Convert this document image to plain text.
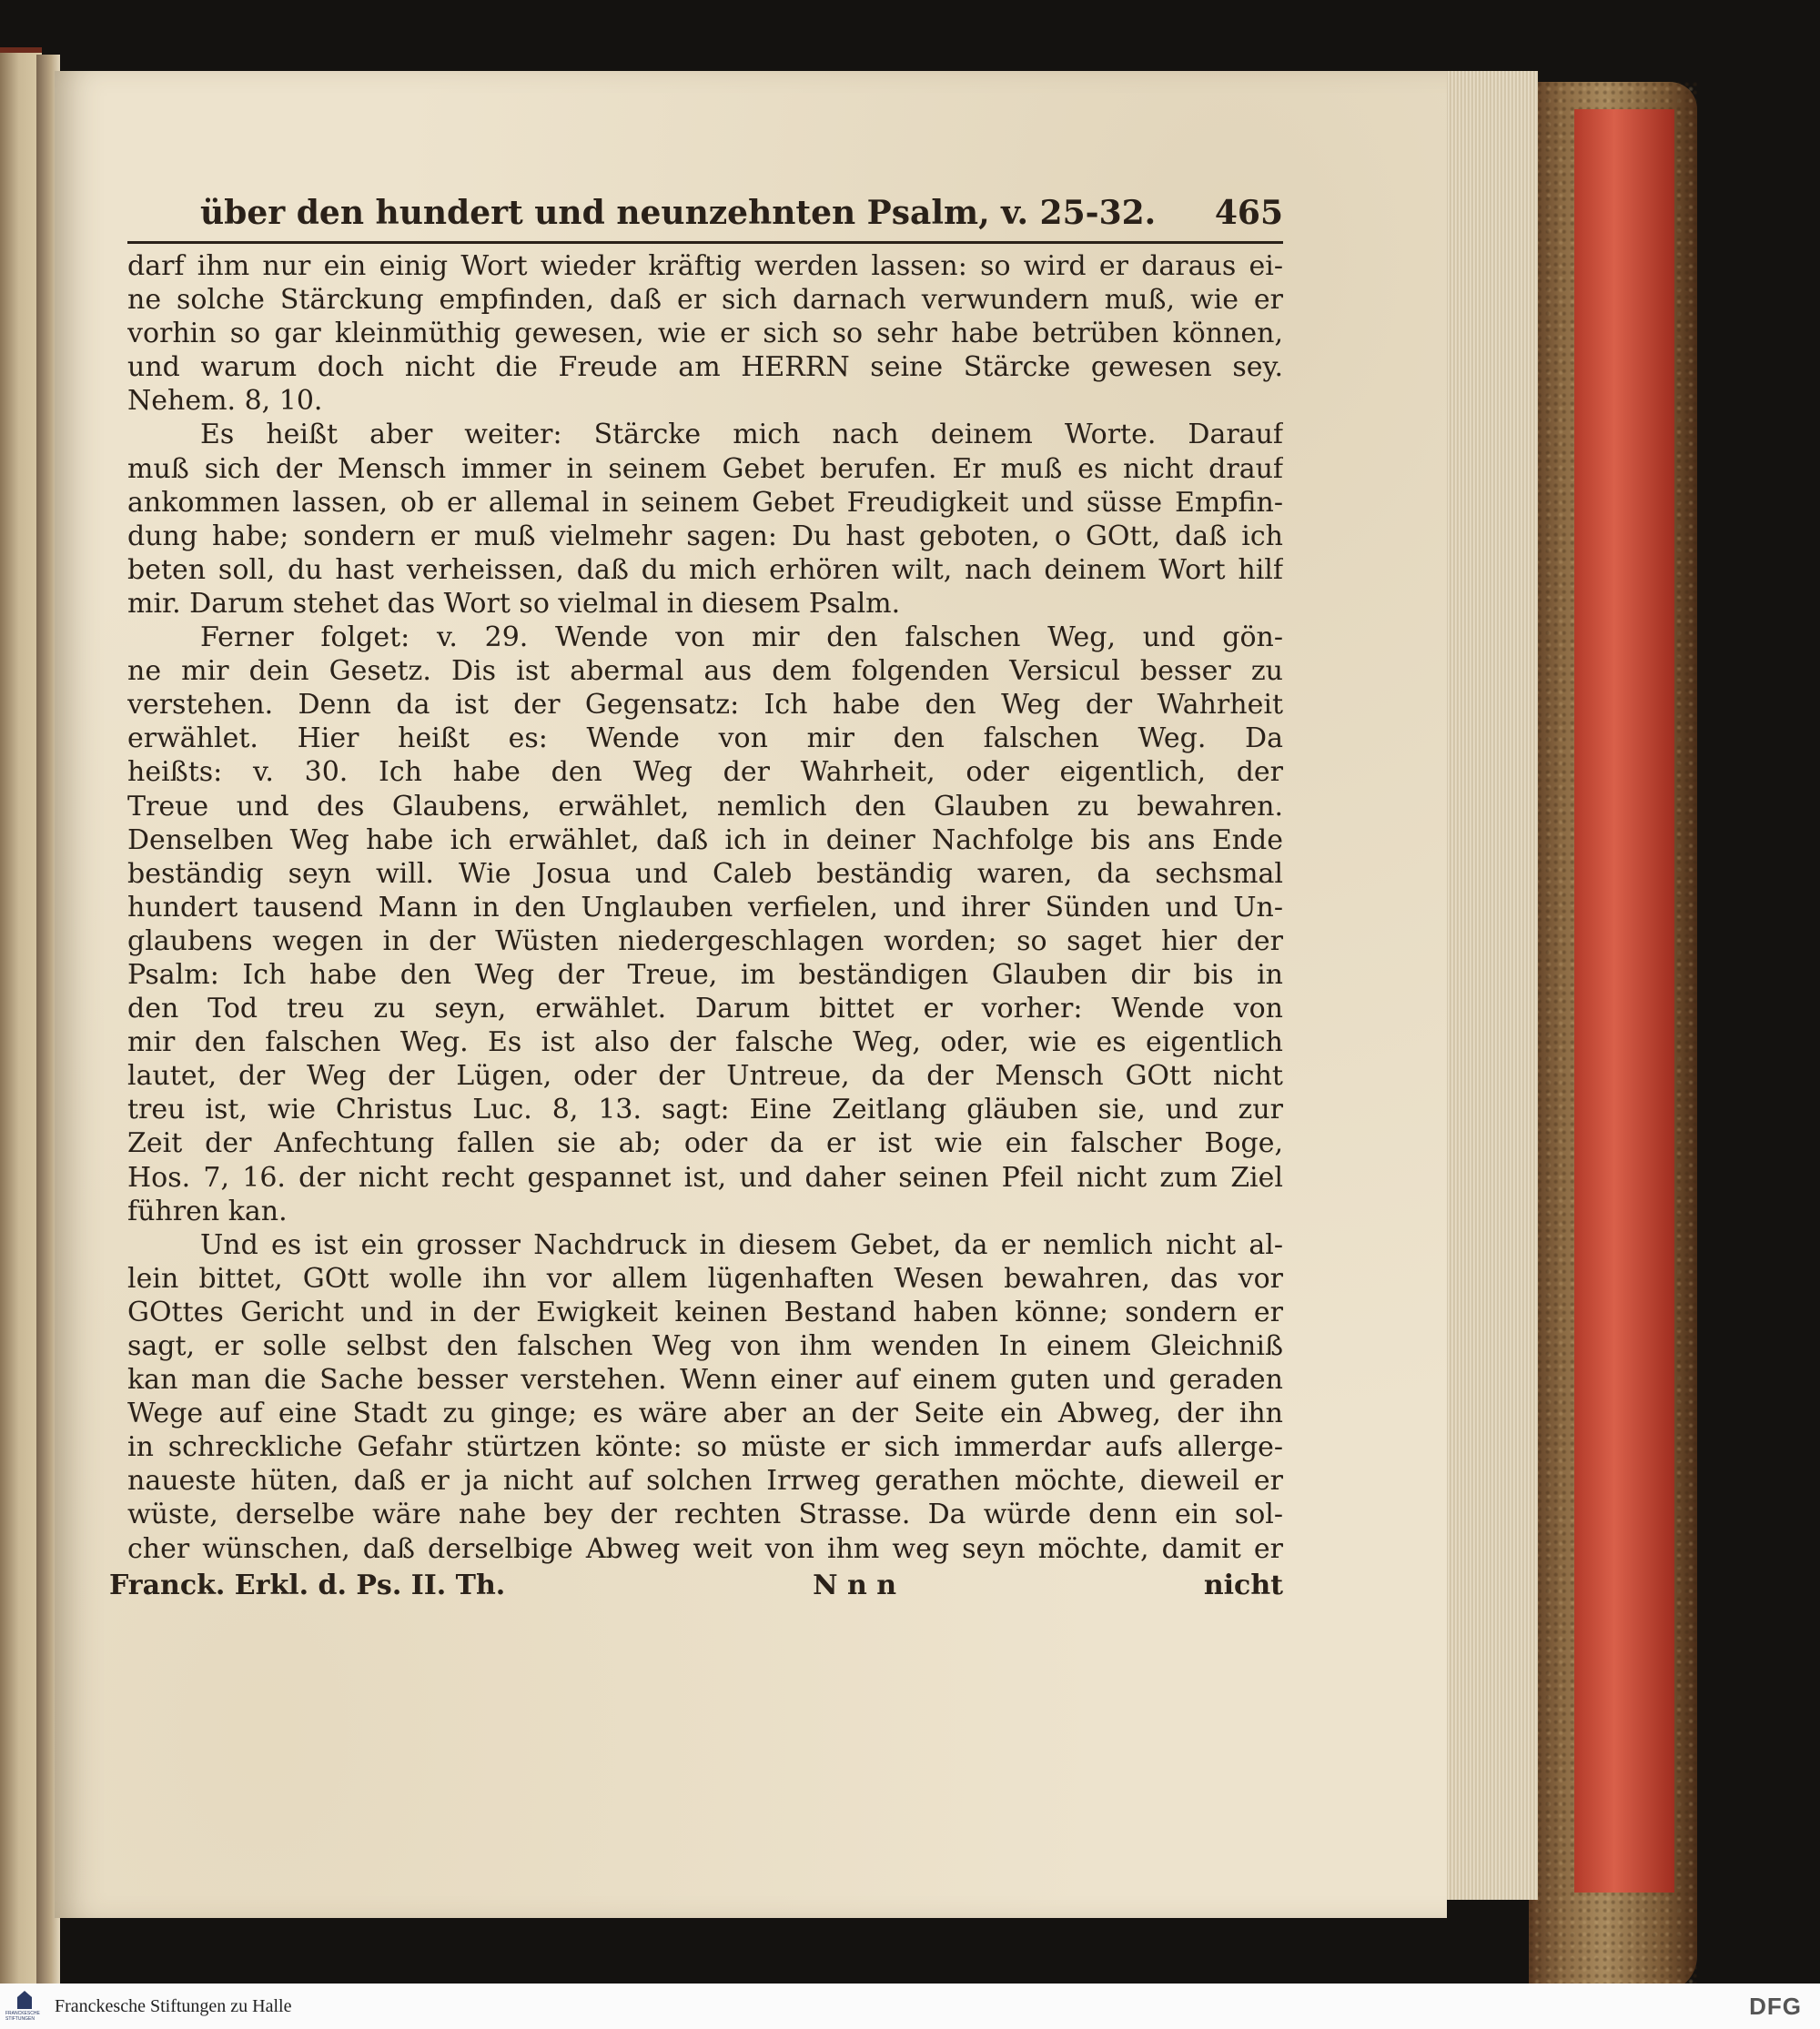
über den hundert und neunzehnten Psalm, v. 25-32. 465
darf ihm nur ein einig Wort wieder kräftig werden lassen: so wird er daraus ei-
ne solche Stärckung empfinden, daß er sich darnach verwundern muß, wie er
vorhin so gar kleinmüthig gewesen, wie er sich so sehr habe betrüben können,
und warum doch nicht die Freude am HERRN seine Stärcke gewesen sey.
Nehem. 8, 10.
Es heißt aber weiter: Stärcke mich nach deinem Worte. Darauf
muß sich der Mensch immer in seinem Gebet berufen. Er muß es nicht drauf
ankommen lassen, ob er allemal in seinem Gebet Freudigkeit und süsse Empfin-
dung habe; sondern er muß vielmehr sagen: Du hast geboten, o GOtt, daß ich
beten soll, du hast verheissen, daß du mich erhören wilt, nach deinem Wort hilf
mir. Darum stehet das Wort so vielmal in diesem Psalm.
Ferner folget: v. 29. Wende von mir den falschen Weg, und gön-
ne mir dein Gesetz. Dis ist abermal aus dem folgenden Versicul besser zu
verstehen. Denn da ist der Gegensatz: Ich habe den Weg der Wahrheit
erwählet. Hier heißt es: Wende von mir den falschen Weg. Da
heißts: v. 30. Ich habe den Weg der Wahrheit, oder eigentlich, der
Treue und des Glaubens, erwählet, nemlich den Glauben zu bewahren.
Denselben Weg habe ich erwählet, daß ich in deiner Nachfolge bis ans Ende
beständig seyn will. Wie Josua und Caleb beständig waren, da sechsmal
hundert tausend Mann in den Unglauben verfielen, und ihrer Sünden und Un-
glaubens wegen in der Wüsten niedergeschlagen worden; so saget hier der
Psalm: Ich habe den Weg der Treue, im beständigen Glauben dir bis in
den Tod treu zu seyn, erwählet. Darum bittet er vorher: Wende von
mir den falschen Weg. Es ist also der falsche Weg, oder, wie es eigentlich
lautet, der Weg der Lügen, oder der Untreue, da der Mensch GOtt nicht
treu ist, wie Christus Luc. 8, 13. sagt: Eine Zeitlang gläuben sie, und zur
Zeit der Anfechtung fallen sie ab; oder da er ist wie ein falscher Boge,
Hos. 7, 16. der nicht recht gespannet ist, und daher seinen Pfeil nicht zum Ziel
führen kan.
Und es ist ein grosser Nachdruck in diesem Gebet, da er nemlich nicht al-
lein bittet, GOtt wolle ihn vor allem lügenhaften Wesen bewahren, das vor
GOttes Gericht und in der Ewigkeit keinen Bestand haben könne; sondern er
sagt, er solle selbst den falschen Weg von ihm wenden In einem Gleichniß
kan man die Sache besser verstehen. Wenn einer auf einem guten und geraden
Wege auf eine Stadt zu ginge; es wäre aber an der Seite ein Abweg, der ihn
in schreckliche Gefahr stürtzen könte: so müste er sich immerdar aufs allerge-
naueste hüten, daß er ja nicht auf solchen Irrweg gerathen möchte, dieweil er
wüste, derselbe wäre nahe bey der rechten Strasse. Da würde denn ein sol-
cher wünschen, daß derselbige Abweg weit von ihm weg seyn möchte, damit er
Franck. Erkl. d. Ps. II. Th.	N n n	nicht
FRANCKESCHE STIFTUNGEN
Franckesche Stiftungen zu Halle	DFG
